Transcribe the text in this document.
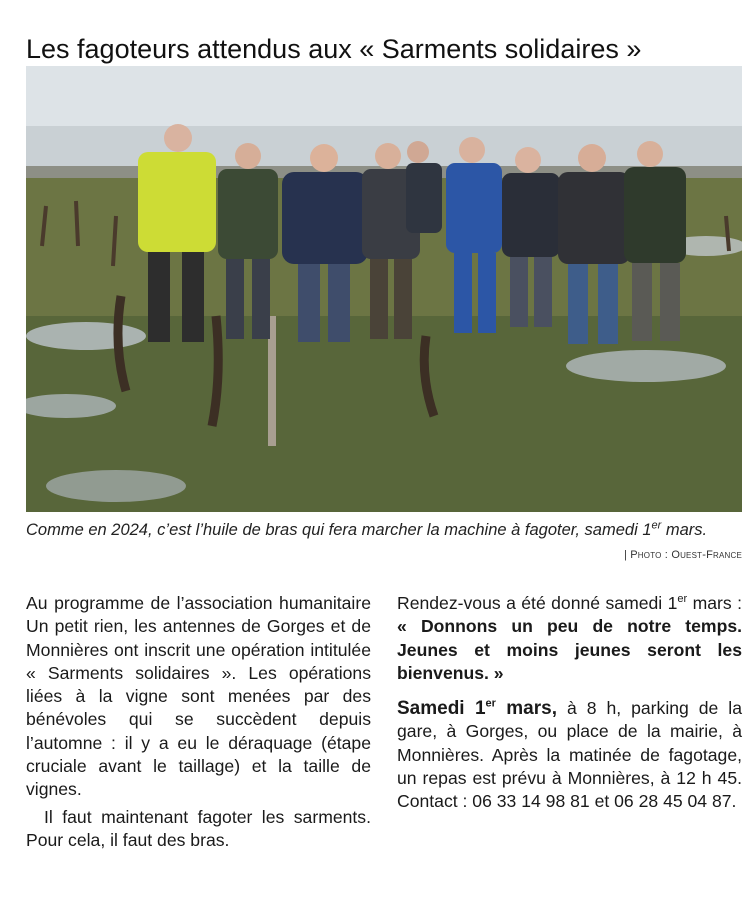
Les fagoteurs attendus aux « Sarments solidaires »
Comme en 2024, c’est l’huile de bras qui fera marcher la machine à fagoter, samedi 1er mars.
| Photo : Ouest-France

Au programme de l’association humanitaire Un petit rien, les antennes de Gorges et de Monnières ont inscrit une opération intitulée « Sarments solidaires ». Les opérations liées à la vigne sont menées par des bénévoles qui se succèdent depuis l’automne : il y a eu le déraquage (étape cruciale avant le taillage) et la taille de vignes.

Il faut maintenant fagoter les sarments. Pour cela, il faut des bras.

Rendez-vous a été donné samedi 1er mars : « Donnons un peu de notre temps. Jeunes et moins jeunes seront les bienvenus. »

Samedi 1er mars, à 8 h, parking de la gare, à Gorges, ou place de la mairie, à Monnières. Après la matinée de fagotage, un repas est prévu à Monnières, à 12 h 45. Contact : 06 33 14 98 81 et 06 28 45 04 87.
